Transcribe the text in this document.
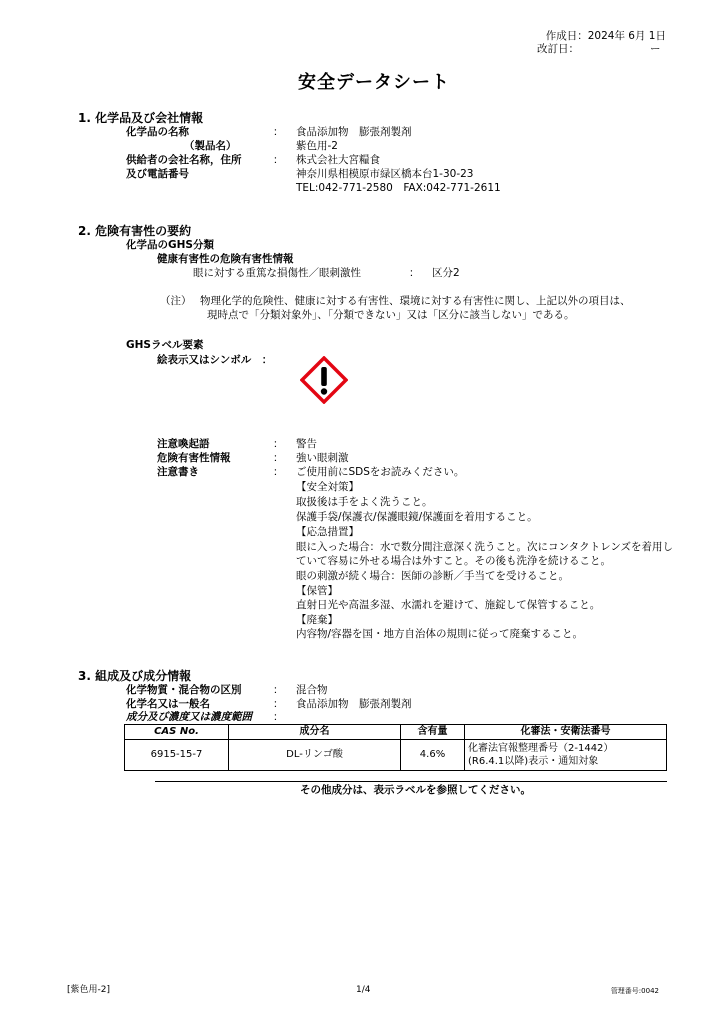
作成日：2024年 6月 1日
改訂日：	ー
安全データシート
1. 化学品及び会社情報
化学品の名称	： 食品添加物　膨張剤製剤
（製品名）	紫色用-2
供給者の会社名称，住所	： 株式会社大宮糧食
及び電話番号	神奈川県相模原市緑区橋本台1-30-23
TEL:042-771-2580　FAX:042-771-2611
2. 危険有害性の要約
化学品のGHS分類
健康有害性の危険有害性情報
眼に対する重篤な損傷性／眼刺激性	： 区分2
（注） 物理化学的危険性、健康に対する有害性、環境に対する有害性に関し、上記以外の項目は、
現時点で「分類対象外」、「分類できない」又は「区分に該当しない」である。
GHSラベル要素
絵表示又はシンボル　：
注意喚起語	： 警告
危険有害性情報	： 強い眼刺激
注意書き	： ご使用前にSDSをお読みください。
【安全対策】
取扱後は手をよく洗うこと。
保護手袋/保護衣/保護眼鏡/保護面を着用すること。
【応急措置】
眼に入った場合：水で数分間注意深く洗うこと。次にコンタクトレンズを着用し
ていて容易に外せる場合は外すこと。その後も洗浄を続けること。
眼の刺激が続く場合：医師の診断／手当てを受けること。
【保管】
直射日光や高温多湿、水濡れを避けて、施錠して保管すること。
【廃棄】
内容物/容器を国・地方自治体の規則に従って廃棄すること。
3. 組成及び成分情報
化学物質・混合物の区別	： 混合物
化学名又は一般名	： 食品添加物　膨張剤製剤
成分及び濃度又は濃度範囲 ：
CAS No.	成分名	含有量	化審法・安衛法番号
6915-15-7	DL-リンゴ酸	4.6%	化審法官報整理番号（2-1442）
(R6.4.1以降)表示・通知対象
その他成分は、表示ラベルを参照してください。
[紫色用-2]	1/4	管理番号:0042
